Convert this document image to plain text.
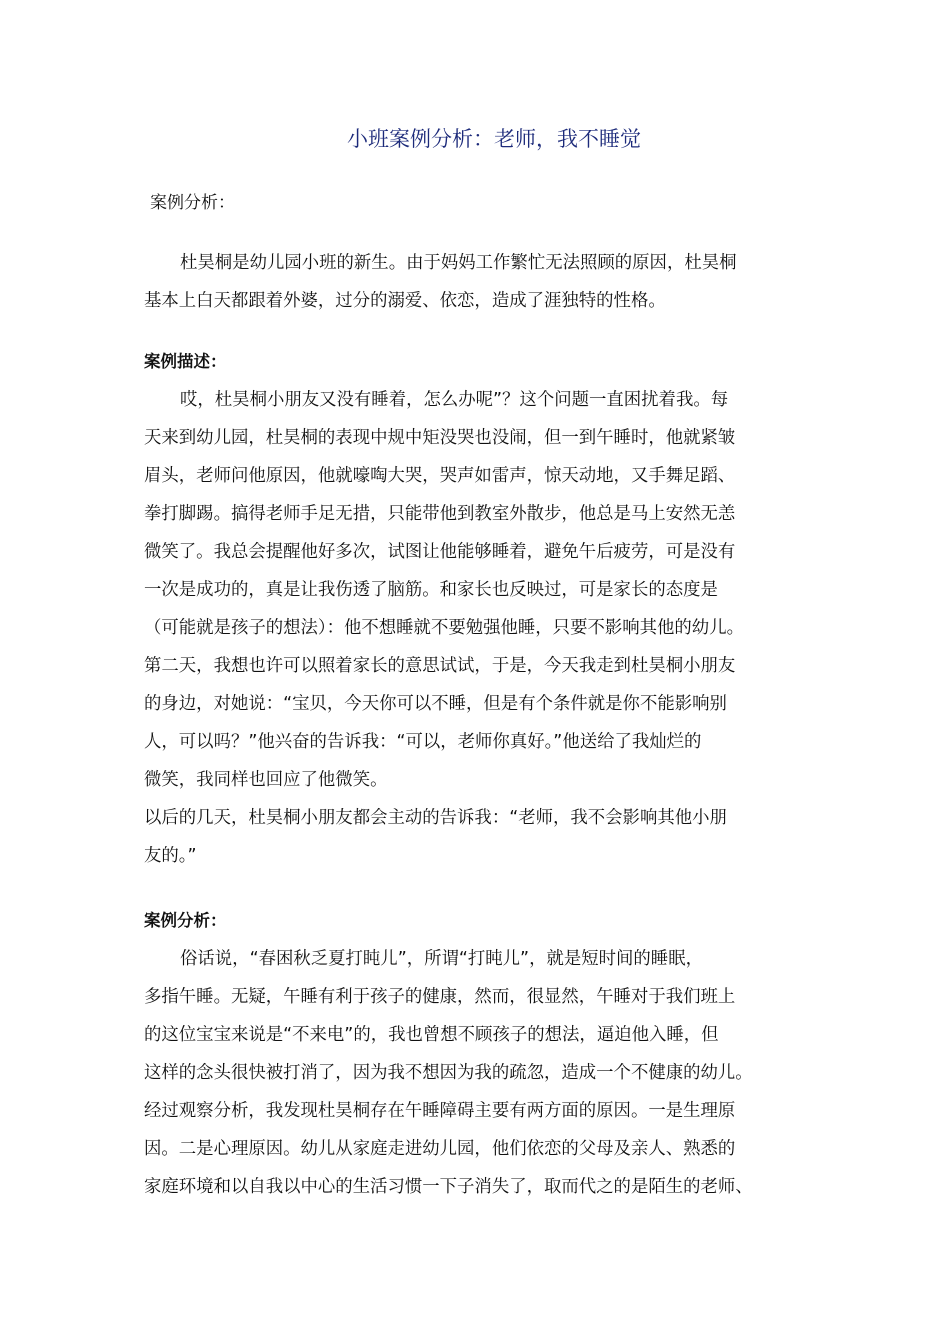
小班案例分析：老师，我不睡觉

案例分析：

杜昊桐是幼儿园小班的新生。由于妈妈工作繁忙无法照顾的原因，杜昊桐
基本上白天都跟着外婆，过分的溺爱、依恋，造成了涯独特的性格。

案例描述：

哎，杜昊桐小朋友又没有睡着，怎么办呢”？这个问题一直困扰着我。每
天来到幼儿园，杜昊桐的表现中规中矩没哭也没闹，但一到午睡时，他就紧皱
眉头，老师问他原因，他就嚎啕大哭，哭声如雷声，惊天动地，又手舞足蹈、
拳打脚踢。搞得老师手足无措，只能带他到教室外散步，他总是马上安然无恙
微笑了。我总会提醒他好多次，试图让他能够睡着，避免午后疲劳，可是没有
一次是成功的，真是让我伤透了脑筋。和家长也反映过，可是家长的态度是
（可能就是孩子的想法）：他不想睡就不要勉强他睡，只要不影响其他的幼儿。
第二天，我想也许可以照着家长的意思试试，于是，今天我走到杜昊桐小朋友
的身边，对她说：“宝贝，今天你可以不睡，但是有个条件就是你不能影响别
人，可以吗？”他兴奋的告诉我：“可以，老师你真好。”他送给了我灿烂的
微笑，我同样也回应了他微笑。
以后的几天，杜昊桐小朋友都会主动的告诉我：“老师，我不会影响其他小朋
友的。”

案例分析：

俗话说，“春困秋乏夏打盹儿”，所谓“打盹儿”，就是短时间的睡眠，
多指午睡。无疑，午睡有利于孩子的健康，然而，很显然，午睡对于我们班上
的这位宝宝来说是“不来电”的，我也曾想不顾孩子的想法，逼迫他入睡，但
这样的念头很快被打消了，因为我不想因为我的疏忽，造成一个不健康的幼儿。
经过观察分析，我发现杜昊桐存在午睡障碍主要有两方面的原因。一是生理原
因。二是心理原因。幼儿从家庭走进幼儿园，他们依恋的父母及亲人、熟悉的
家庭环境和以自我以中心的生活习惯一下子消失了，取而代之的是陌生的老师、
